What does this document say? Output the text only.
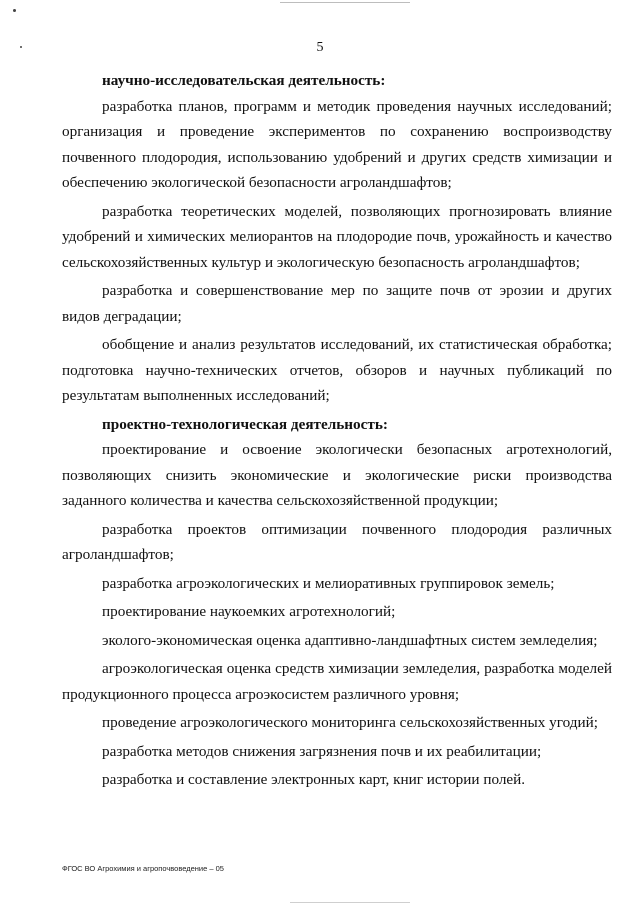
5

научно-исследовательская деятельность:

разработка планов, программ и методик проведения научных исследований; организация и проведение экспериментов по сохранению воспроизводству почвенного плодородия, использованию удобрений и других средств химизации и обеспечению экологической безопасности агроландшафтов;

разработка теоретических моделей, позволяющих прогнозировать влияние удобрений и химических мелиорантов на плодородие почв, урожайность и качество сельскохозяйственных культур и экологическую безопасность агроландшафтов;

разработка и совершенствование мер по защите почв от эрозии и других видов деградации;

обобщение и анализ результатов исследований, их статистическая обработка; подготовка научно-технических отчетов, обзоров и научных публикаций по результатам выполненных исследований;

проектно-технологическая деятельность:

проектирование и освоение экологически безопасных агротехнологий, позволяющих снизить экономические и экологические риски производства заданного количества и качества сельскохозяйственной продукции;

разработка проектов оптимизации почвенного плодородия различных агроландшафтов;

разработка агроэкологических и мелиоративных группировок земель;

проектирование наукоемких агротехнологий;

эколого-экономическая оценка адаптивно-ландшафтных систем земледелия;

агроэкологическая оценка средств химизации земледелия, разработка моделей продукционного процесса агроэкосистем различного уровня;

проведение агроэкологического мониторинга сельскохозяйственных угодий;

разработка методов снижения загрязнения почв и их реабилитации;

разработка и составление электронных карт, книг истории полей.

ФГОС ВО Агрохимия и агропочвоведение – 05
